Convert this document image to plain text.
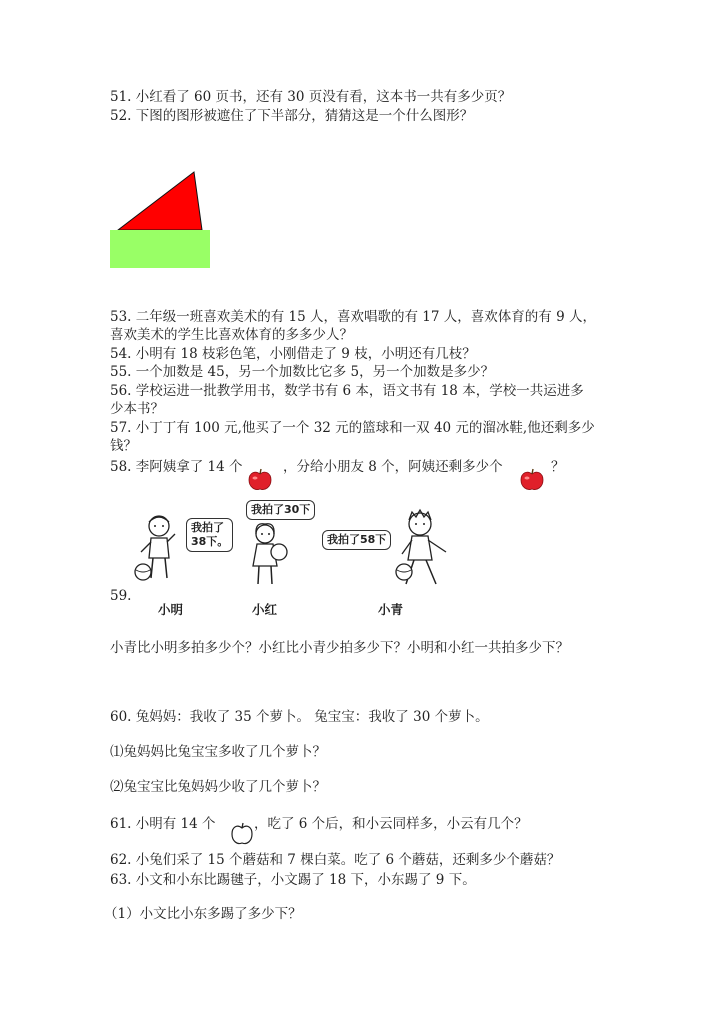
51. 小红看了 60 页书，还有 30 页没有看，这本书一共有多少页？
52. 下图的图形被遮住了下半部分，猜猜这是一个什么图形？
53. 二年级一班喜欢美术的有 15 人，喜欢唱歌的有 17 人，喜欢体育的有 9 人，
喜欢美术的学生比喜欢体育的多多少人？
54. 小明有 18 枝彩色笔，小刚借走了 9 枝，小明还有几枝？
55. 一个加数是 45，另一个加数比它多 5，另一个加数是多少？
56. 学校运进一批教学用书，数学书有 6 本，语文书有 18 本，学校一共运进多
少本书？
57. 小丁丁有 100 元,他买了一个 32 元的篮球和一双 40 元的溜冰鞋,他还剩多少
钱？
58. 李阿姨拿了 14 个	，分给小朋友 8 个，阿姨还剩多少个	？
我拍了
38下。
我拍了30下
我拍了58下
59.
小明	小红	小青
小青比小明多拍多少个？小红比小青少拍多少下？小明和小红一共拍多少下？
60. 兔妈妈：我收了 35 个萝卜。 兔宝宝：我收了 30 个萝卜。
⑴兔妈妈比兔宝宝多收了几个萝卜？
⑵兔宝宝比兔妈妈少收了几个萝卜？
61. 小明有 14 个	，吃了 6 个后，和小云同样多，小云有几个？
62. 小兔们采了 15 个蘑菇和 7 棵白菜。吃了 6 个蘑菇，还剩多少个蘑菇？
63. 小文和小东比踢毽子，小文踢了 18 下，小东踢了 9 下。
（1）小文比小东多踢了多少下？
